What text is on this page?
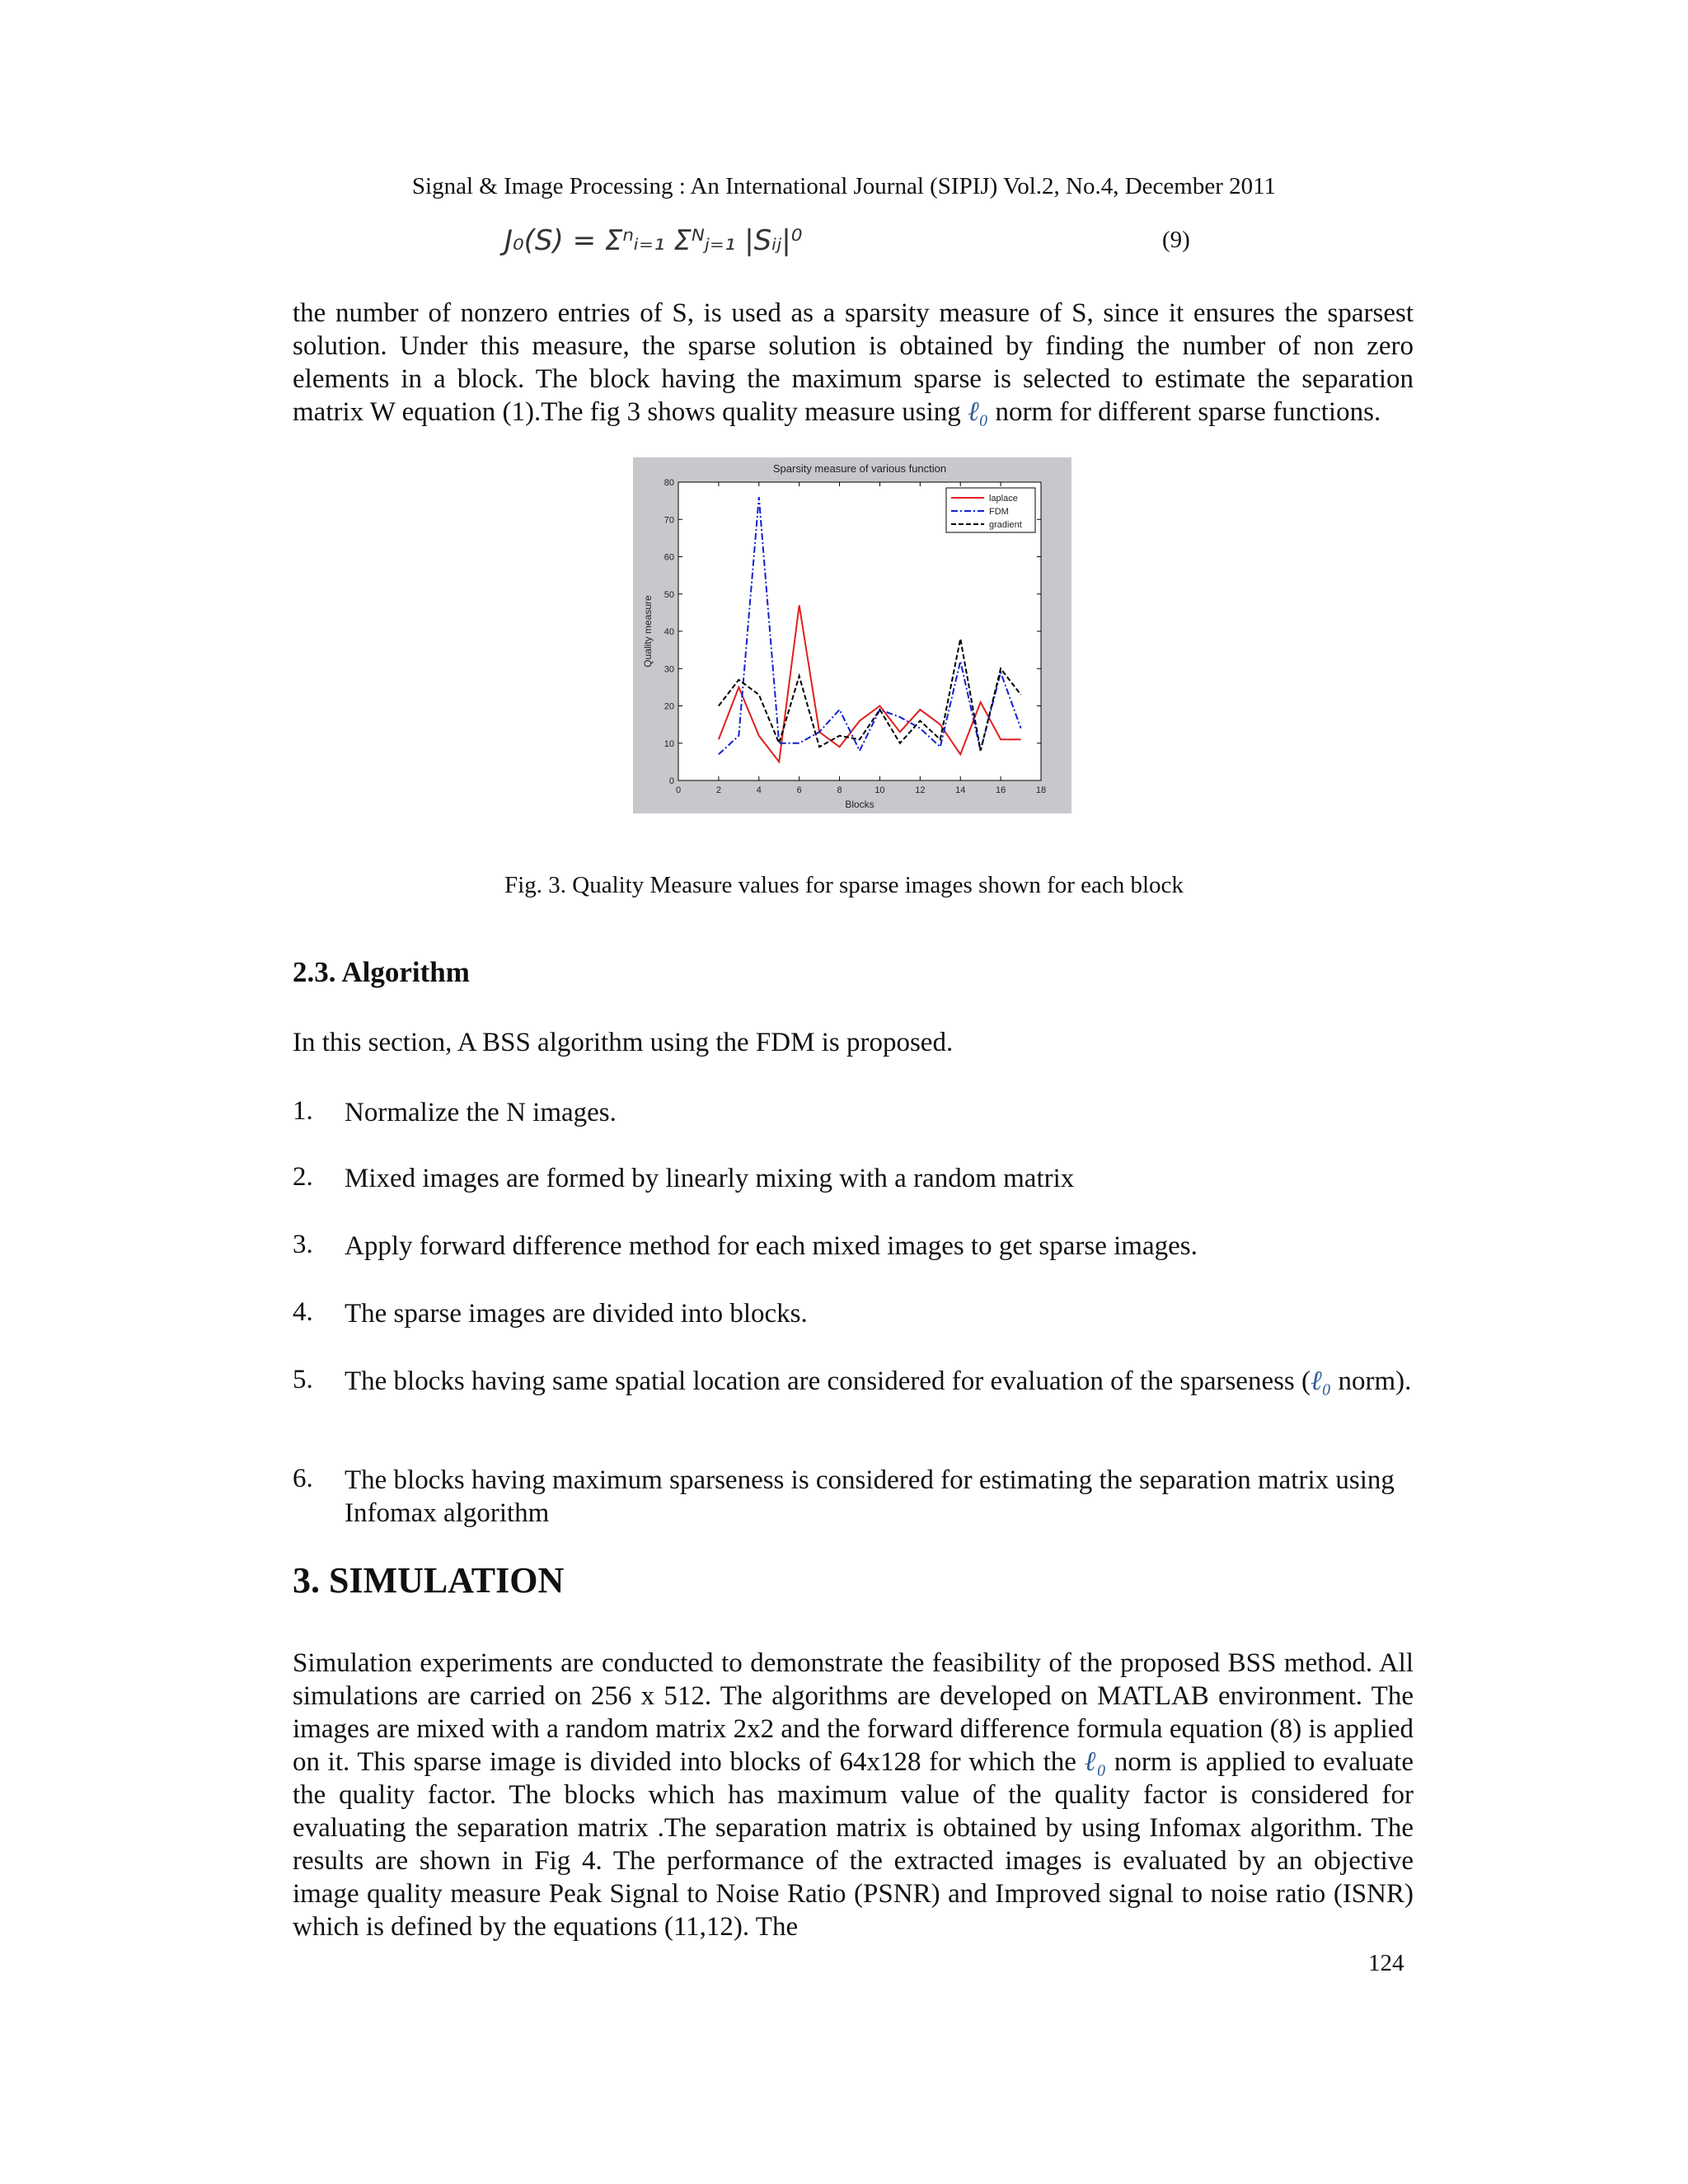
Signal & Image Processing : An International Journal (SIPIJ) Vol.2, No.4, December 2011
J₀(S) = Σⁿᵢ₌₁ Σᴺⱼ₌₁ |Sᵢⱼ|⁰	(9)
the number of nonzero entries of S, is used as a sparsity measure of S, since it ensures the sparsest solution. Under this measure, the sparse solution is obtained by finding the number of non zero elements in a block. The block having the maximum sparse is selected to estimate the separation matrix W equation (1).The fig 3 shows quality measure using ℓ₀ norm for different sparse functions.
Sparsity measure of various function
Blocks
Quality measure
0	2	4	6	8	10	12	14	16	18
0
10
20
30
40
50
60
70
80
laplace
FDM
gradient
Fig. 3. Quality Measure values for sparse images shown for each block
2.3. Algorithm
In this section, A BSS algorithm using the FDM is proposed.
1. Normalize the N images.
2. Mixed images are formed by linearly mixing with a random matrix
3. Apply forward difference method for each mixed images to get sparse images.
4. The sparse images are divided into blocks.
5. The blocks having same spatial location are considered for evaluation of the sparseness (ℓ₀ norm).
6. The blocks having maximum sparseness is considered for estimating the separation matrix using Infomax algorithm
3. SIMULATION
Simulation experiments are conducted to demonstrate the feasibility of the proposed BSS method. All simulations are carried on 256 x 512. The algorithms are developed on MATLAB environment. The images are mixed with a random matrix 2x2 and the forward difference formula equation (8) is applied on it. This sparse image is divided into blocks of 64x128 for which the ℓ₀ norm is applied to evaluate the quality factor. The blocks which has maximum value of the quality factor is considered for evaluating the separation matrix .The separation matrix is obtained by using Infomax algorithm. The results are shown in Fig 4. The performance of the extracted images is evaluated by an objective image quality measure Peak Signal to Noise Ratio (PSNR) and Improved signal to noise ratio (ISNR) which is defined by the equations (11,12). The
124
